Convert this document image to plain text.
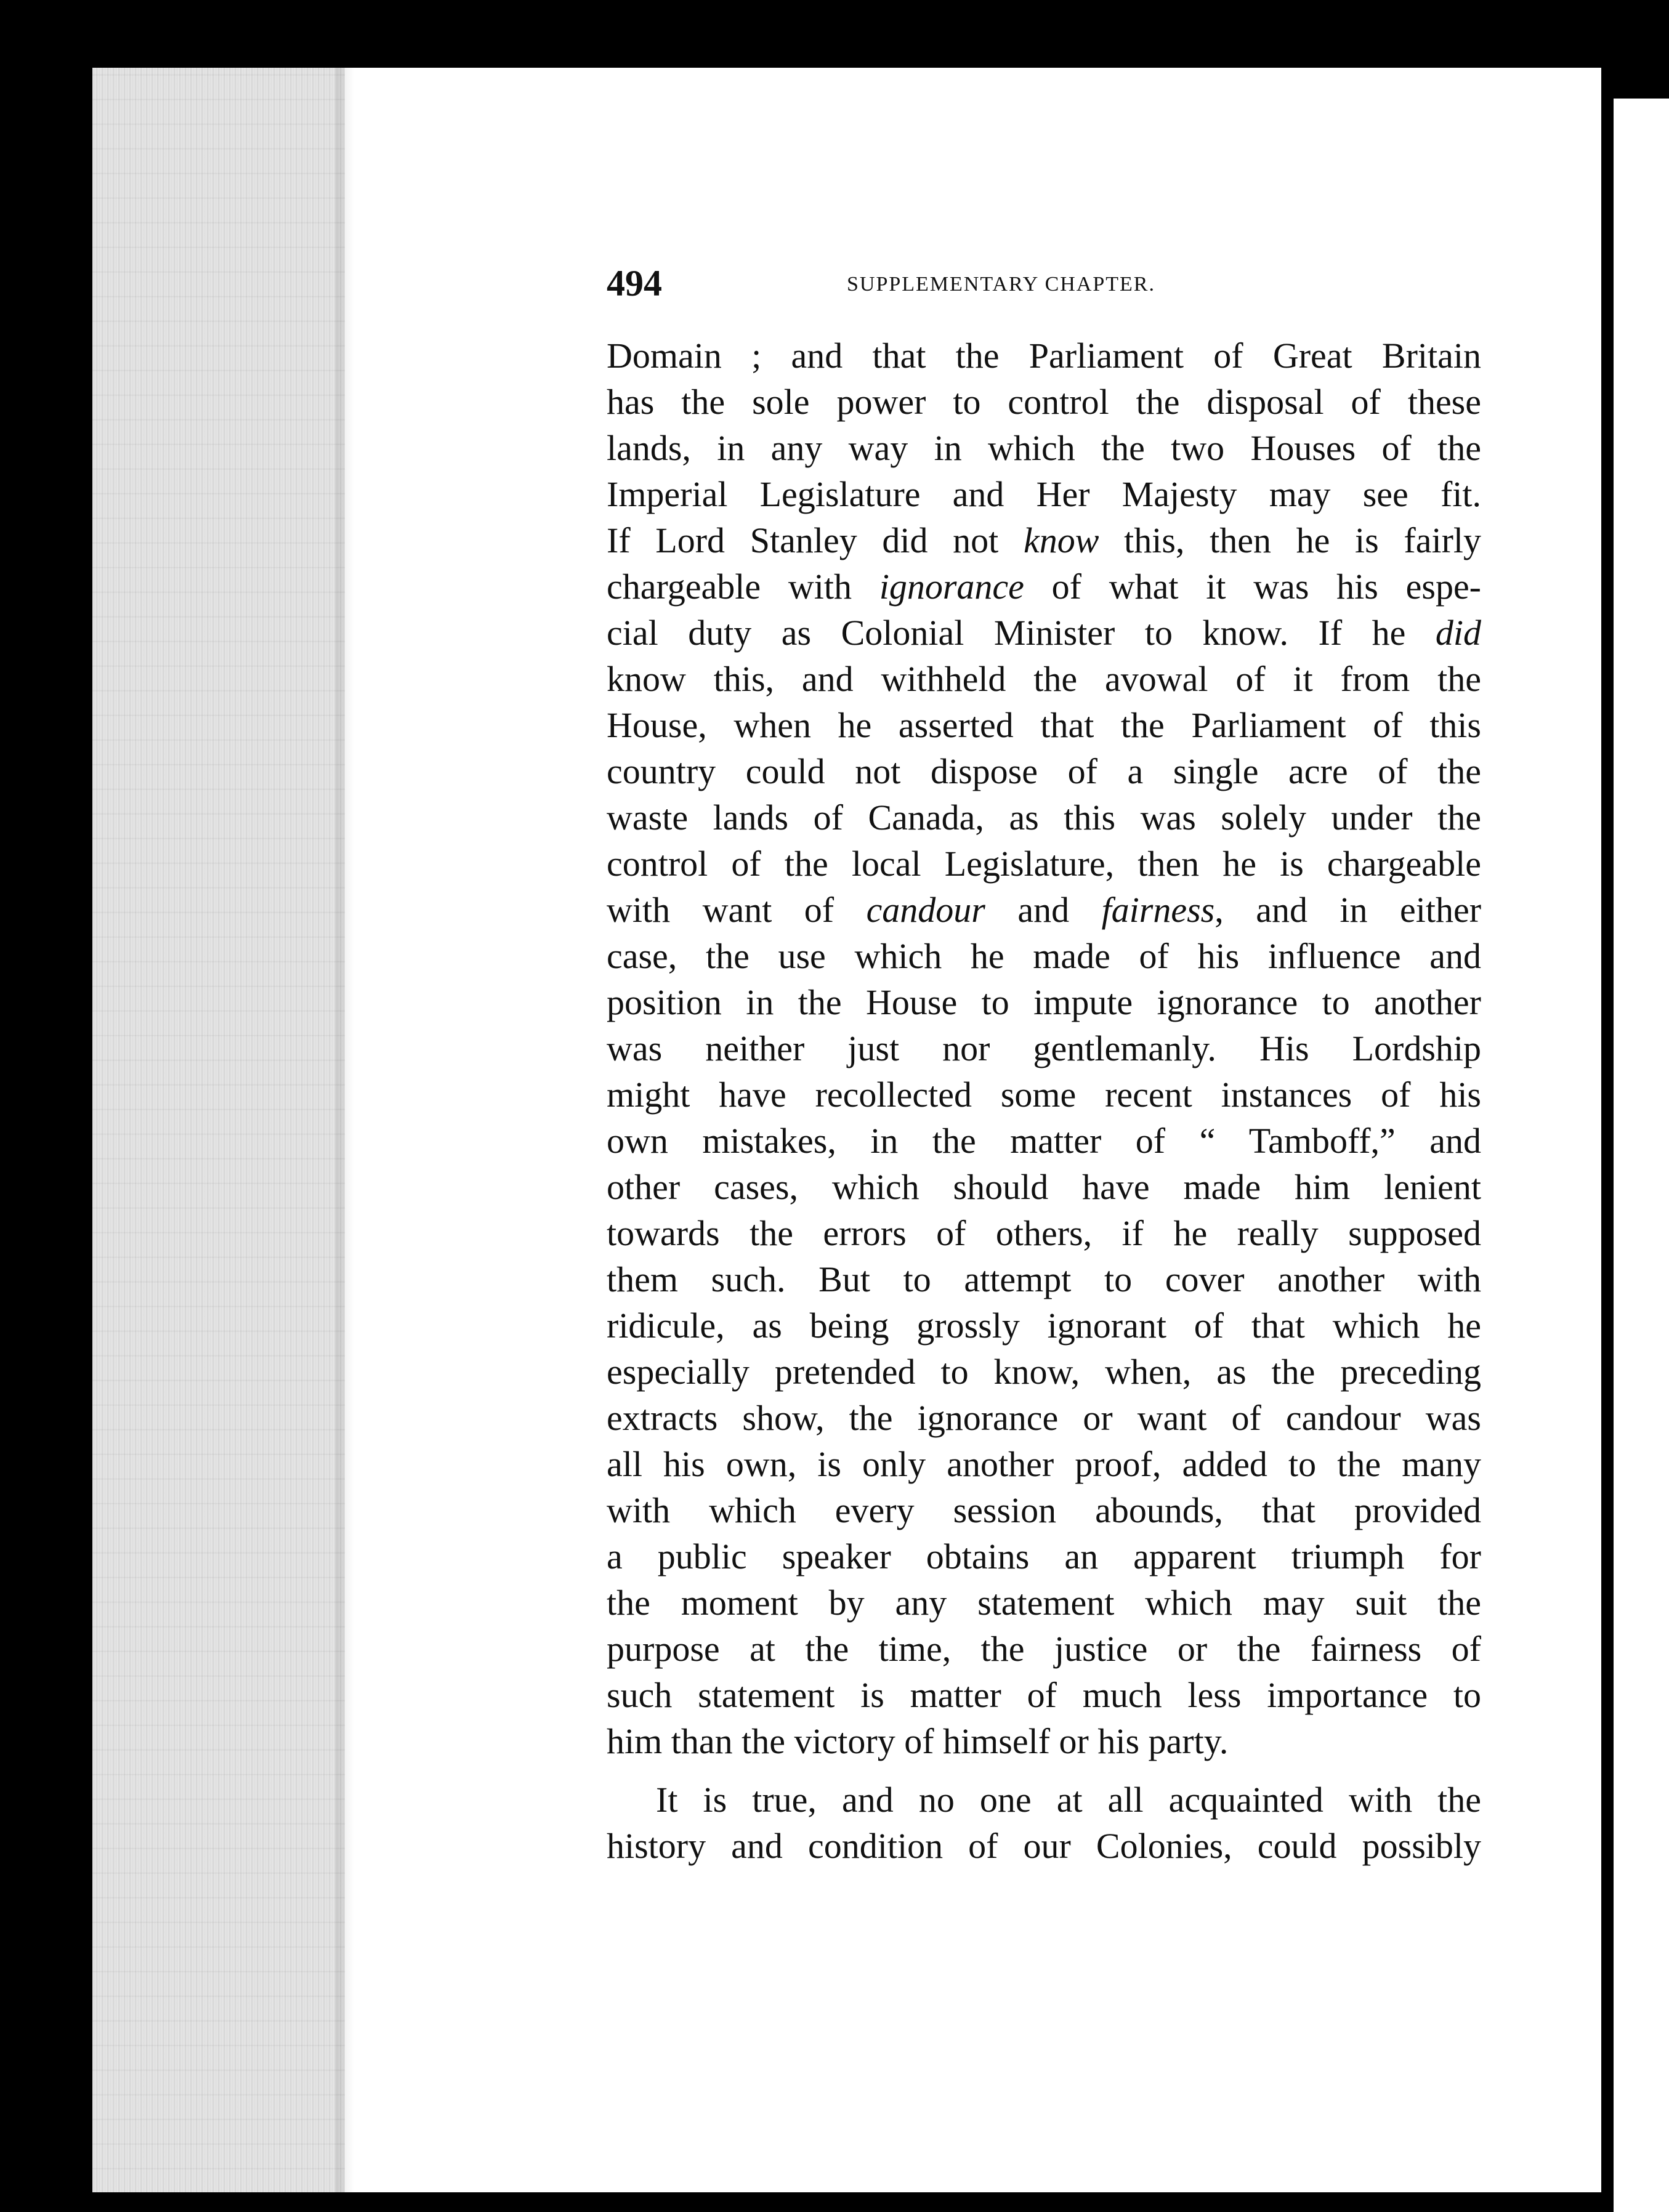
494	SUPPLEMENTARY CHAPTER.
Domain ; and that the Parliament of Great Britain
has the sole power to control the disposal of these
lands, in any way in which the two Houses of the
Imperial Legislature and Her Majesty may see fit.
If Lord Stanley did not know this, then he is fairly
chargeable with ignorance of what it was his espe-
cial duty as Colonial Minister to know. If he did
know this, and withheld the avowal of it from the
House, when he asserted that the Parliament of this
country could not dispose of a single acre of the
waste lands of Canada, as this was solely under the
control of the local Legislature, then he is chargeable
with want of candour and fairness, and in either
case, the use which he made of his influence and
position in the House to impute ignorance to another
was neither just nor gentlemanly. His Lordship
might have recollected some recent instances of his
own mistakes, in the matter of “ Tamboff,” and
other cases, which should have made him lenient
towards the errors of others, if he really supposed
them such. But to attempt to cover another with
ridicule, as being grossly ignorant of that which he
especially pretended to know, when, as the preceding
extracts show, the ignorance or want of candour was
all his own, is only another proof, added to the many
with which every session abounds, that provided
a public speaker obtains an apparent triumph for
the moment by any statement which may suit the
purpose at the time, the justice or the fairness of
such statement is matter of much less importance to
him than the victory of himself or his party.
It is true, and no one at all acquainted with the
history and condition of our Colonies, could possibly
